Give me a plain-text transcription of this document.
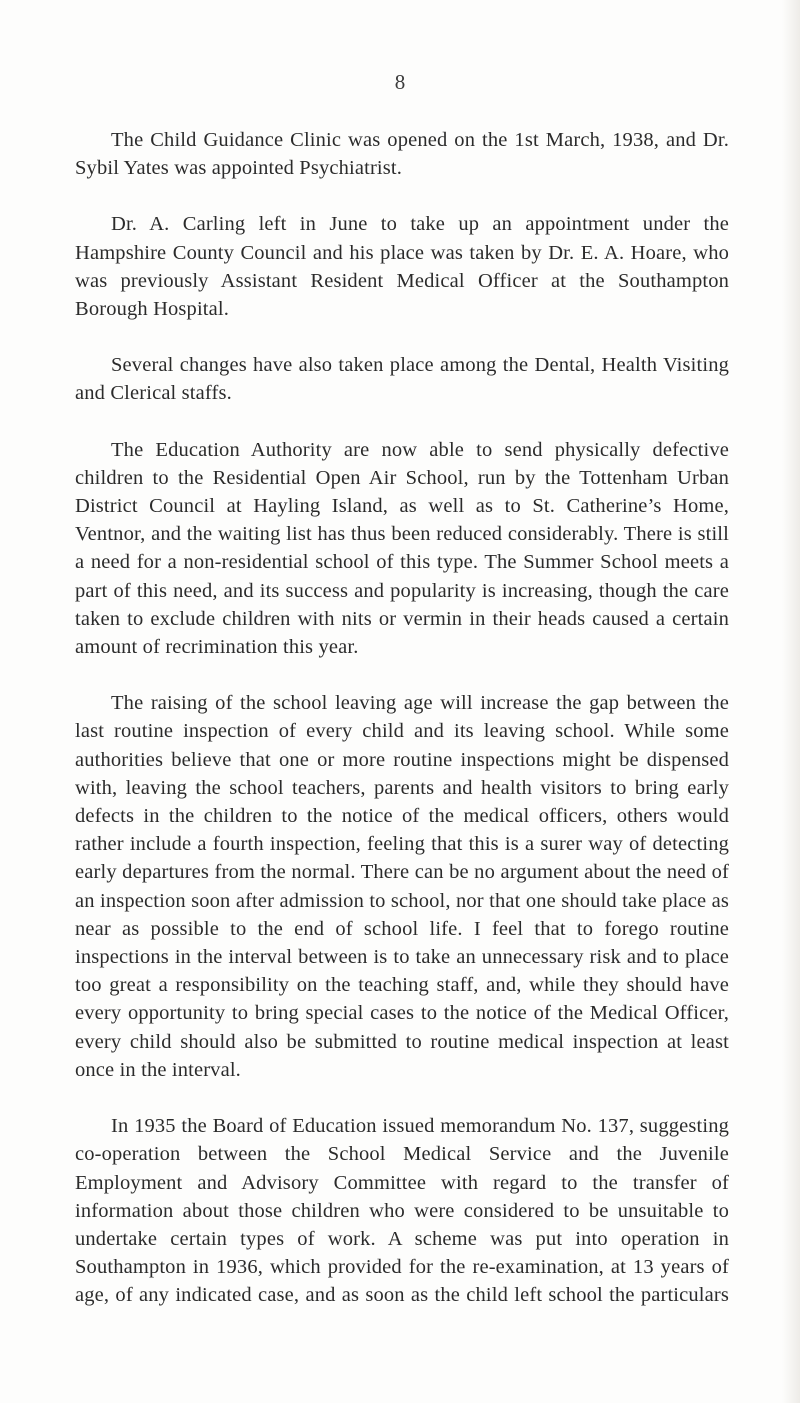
8

The Child Guidance Clinic was opened on the 1st March, 1938, and Dr. Sybil Yates was appointed Psychiatrist.

Dr. A. Carling left in June to take up an appointment under the Hampshire County Council and his place was taken by Dr. E. A. Hoare, who was previously Assistant Resident Medical Officer at the Southampton Borough Hospital.

Several changes have also taken place among the Dental, Health Visiting and Clerical staffs.

The Education Authority are now able to send physically defective children to the Residential Open Air School, run by the Tottenham Urban District Council at Hayling Island, as well as to St. Catherine’s Home, Ventnor, and the waiting list has thus been reduced considerably. There is still a need for a non-residential school of this type. The Summer School meets a part of this need, and its success and popularity is increasing, though the care taken to exclude children with nits or vermin in their heads caused a certain amount of recrimination this year.

The raising of the school leaving age will increase the gap between the last routine inspection of every child and its leaving school. While some authorities believe that one or more routine inspections might be dispensed with, leaving the school teachers, parents and health visitors to bring early defects in the children to the notice of the medical officers, others would rather include a fourth inspection, feeling that this is a surer way of detecting early departures from the normal. There can be no argument about the need of an inspection soon after admission to school, nor that one should take place as near as possible to the end of school life. I feel that to forego routine inspections in the interval between is to take an unnecessary risk and to place too great a responsibility on the teaching staff, and, while they should have every opportunity to bring special cases to the notice of the Medical Officer, every child should also be submitted to routine medical inspection at least once in the interval.

In 1935 the Board of Education issued memorandum No. 137, suggesting co-operation between the School Medical Service and the Juvenile Employment and Advisory Committee with regard to the transfer of information about those children who were considered to be unsuitable to undertake certain types of work. A scheme was put into operation in Southampton in 1936, which provided for the re-examination, at 13 years of age, of any indicated case, and as soon as the child left school the particulars
